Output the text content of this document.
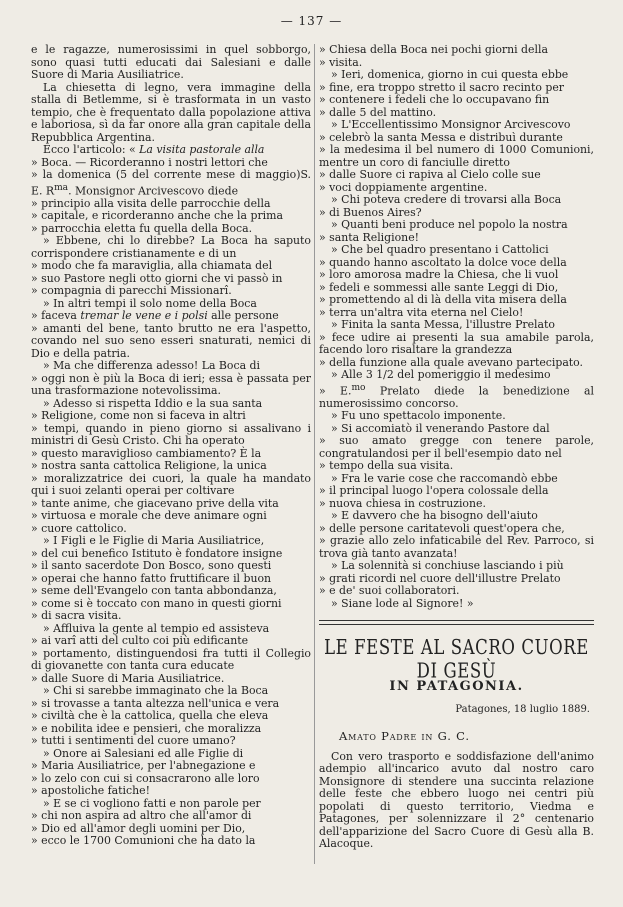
— 137 —

e le ragazze, numerosissimi in quel sobborgo, sono quasi tutti educati dai Salesiani e dalle Suore di Maria Ausiliatrice.

La chiesetta di legno, vera immagine della stalla di Betlemme, si è trasformata in un vasto tempio, che è frequentato dalla popolazione attiva e laboriosa, sì da far onore alla gran capitale della Repubblica Argentina.

Ecco l'articolo: « La visita pastorale alla

» Boca. — Ricorderanno i nostri lettori che

» la domenica (5 del corrente mese di maggio)S. E. $R^{ma}$. Monsignor Arcivescovo diede

» principio alla visita delle parrocchie della

» capitale, e ricorderanno anche che la prima

» parrocchia eletta fu quella della Boca.

» Ebbene, chi lo direbbe? La Boca ha saputo corrispondere cristianamente e di un

» modo che fa maraviglia, alla chiamata del

» suo Pastore negli otto giorni che vi passò in

» compagnia di parecchi Missionarî.

» In altri tempi il solo nome della Boca

» faceva tremar le vene e i polsi alle persone

» amanti del bene, tanto brutto ne era l'aspetto, covando nel suo seno esseri snaturati, nemici di Dio e della patria.

» Ma che differenza adesso! La Boca di

» oggi non è più la Boca di ieri; essa è passata per una trasformazione notevolissima.

» Adesso si rispetta Iddio e la sua santa

» Religione, come non si faceva in altri

» tempi, quando in pieno giorno si assalivano i ministri di Gesù Cristo. Chi ha operato

» questo maraviglioso cambiamento? È la

» nostra santa cattolica Religione, la unica

» moralizzatrice dei cuori, la quale ha mandato qui i suoi zelanti operai per coltivare

» tante anime, che giacevano prive della vita

» virtuosa e morale che deve animare ogni

» cuore cattolico.

» I Figli e le Figlie di Maria Ausiliatrice,

» del cui benefico Istituto è fondatore insigne

» il santo sacerdote Don Bosco, sono questi

» operai che hanno fatto fruttificare il buon

» seme dell'Evangelo con tanta abbondanza,

» come si è toccato con mano in questi giorni

» di sacra visita.

» Affluiva la gente al tempio ed assisteva

» ai varî atti del culto coi più edificante

» portamento, distinguendosi fra tutti il Collegio di giovanette con tanta cura educate

» dalle Suore di Maria Ausiliatrice.

» Chi si sarebbe immaginato che la Boca

» si trovasse a tanta altezza nell'unica e vera

» civiltà che è la cattolica, quella che eleva

» e nobilita idee e pensieri, che moralizza

» tutti i sentimenti del cuore umano?

» Onore ai Salesiani ed alle Figlie di

» Maria Ausiliatrice, per l'abnegazione e

» lo zelo con cui si consacrarono alle loro

» apostoliche fatiche!

» E se ci vogliono fatti e non parole per

» chi non aspira ad altro che all'amor di

» Dio ed all'amor degli uomini per Dio,

» ecco le 1700 Comunioni che ha dato la

» Chiesa della Boca nei pochi giorni della

» visita.

» Ieri, domenica, giorno in cui questa ebbe

» fine, era troppo stretto il sacro recinto per

» contenere i fedeli che lo occupavano fin

» dalle 5 del mattino.

» L'Eccellentissimo Monsignor Arcivescovo

» celebrò la santa Messa e distribuì durante

» la medesima il bel numero di 1000 Comunioni, mentre un coro di fanciulle diretto

» dalle Suore ci rapiva al Cielo colle sue

» voci doppiamente argentine.

» Chi poteva credere di trovarsi alla Boca

» di Buenos Aires?

» Quanti beni produce nel popolo la nostra

» santa Religione!

» Che bel quadro presentano i Cattolici

» quando hanno ascoltato la dolce voce della

» loro amorosa madre la Chiesa, che li vuol

» fedeli e sommessi alle sante Leggi di Dio,

» promettendo al di là della vita misera della

» terra un'altra vita eterna nel Cielo!

» Finita la santa Messa, l'illustre Prelato

» fece udire ai presenti la sua amabile parola, facendo loro risaltare la grandezza

» della funzione alla quale avevano partecipato.

» Alle 3 1/2 del pomeriggio il medesimo

» E.$^{mo}$ Prelato diede la benedizione al numerosissimo concorso.

» Fu uno spettacolo imponente.

» Si accomiatò il venerando Pastore dal

» suo amato gregge con tenere parole, congratulandosi per il bell'esempio dato nel

» tempo della sua visita.

» Fra le varie cose che raccomandò ebbe

» il principal luogo l'opera colossale della

» nuova chiesa in costruzione.

» E davvero che ha bisogno dell'aiuto

» delle persone caritatevoli quest'opera che,

» grazie allo zelo infaticabile del Rev. Parroco, si trova già tanto avanzata!

» La solennità si conchiuse lasciando i più

» grati ricordi nel cuore dell'illustre Prelato

» e de' suoi collaboratori.

» Siane lode al Signore! »

LE FESTE AL SACRO CUORE DI GESÙ
IN PATAGONIA.
Patagones, 18 luglio 1889.
Amato Padre in G. C.

Con vero trasporto e soddisfazione dell'animo adempio all'incarico avuto dal nostro caro Monsignore di stendere una succinta relazione delle feste che ebbero luogo nei centri più popolati di questo territorio, Viedma e Patagones, per solennizzare il 2° centenario dell'apparizione del Sacro Cuore di Gesù alla B. Alacoque.
